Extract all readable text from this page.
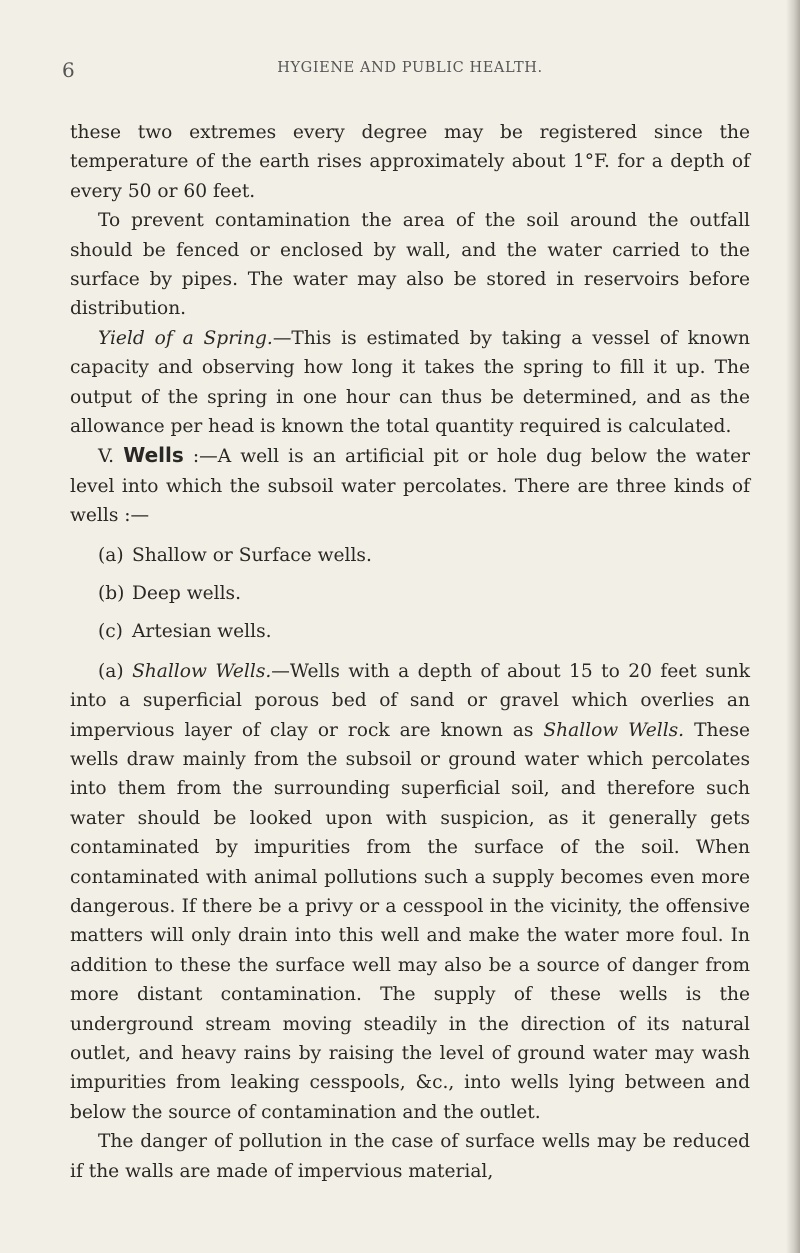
6	HYGIENE AND PUBLIC HEALTH.

these two extremes every degree may be registered since the temperature of the earth rises approximately about 1°F. for a depth of every 50 or 60 feet.

To prevent contamination the area of the soil around the outfall should be fenced or enclosed by wall, and the water carried to the surface by pipes. The water may also be stored in reservoirs before distribution.

Yield of a Spring.—This is estimated by taking a vessel of known capacity and observing how long it takes the spring to fill it up. The output of the spring in one hour can thus be determined, and as the allowance per head is known the total quantity required is calculated.

V. Wells :—A well is an artificial pit or hole dug below the water level into which the subsoil water percolates. There are three kinds of wells :—

(a) Shallow or Surface wells.
(b) Deep wells.
(c) Artesian wells.

(a) Shallow Wells.—Wells with a depth of about 15 to 20 feet sunk into a superficial porous bed of sand or gravel which overlies an impervious layer of clay or rock are known as Shallow Wells. These wells draw mainly from the subsoil or ground water which percolates into them from the surrounding superficial soil, and therefore such water should be looked upon with suspicion, as it generally gets contaminated by impurities from the surface of the soil. When contaminated with animal pollutions such a supply becomes even more dangerous. If there be a privy or a cesspool in the vicinity, the offensive matters will only drain into this well and make the water more foul. In addition to these the surface well may also be a source of danger from more distant contamination. The supply of these wells is the underground stream moving steadily in the direction of its natural outlet, and heavy rains by raising the level of ground water may wash impurities from leaking cesspools, &c., into wells lying between and below the source of contamination and the outlet.

The danger of pollution in the case of surface wells may be reduced if the walls are made of impervious material,
